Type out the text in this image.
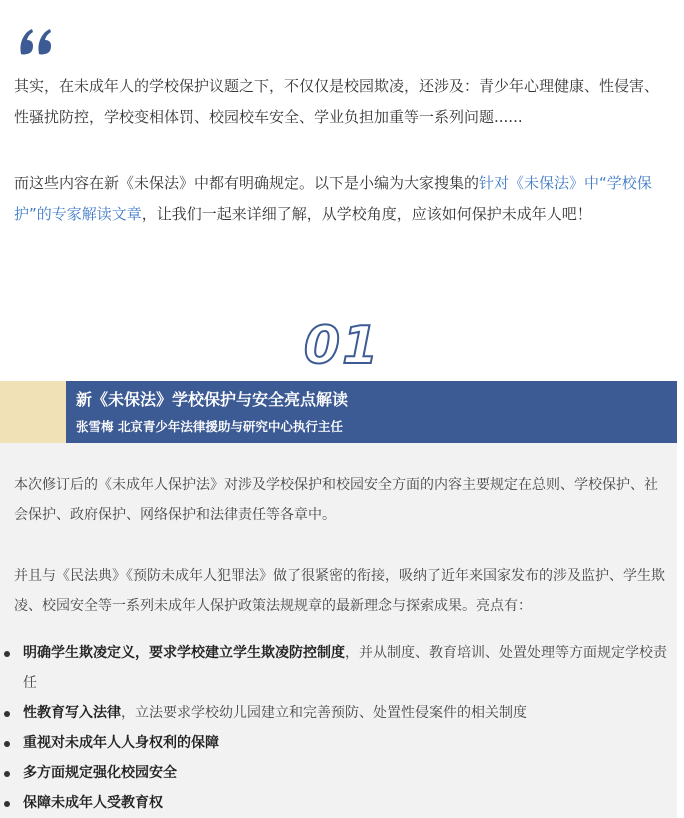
其实，在未成年人的学校保护议题之下，不仅仅是校园欺凌，还涉及：青少年心理健康、性侵害、性骚扰防控，学校变相体罚、校园校车安全、学业负担加重等一系列问题......

而这些内容在新《未保法》中都有明确规定。以下是小编为大家搜集的针对《未保法》中“学校保护”的专家解读文章，让我们一起来详细了解，从学校角度，应该如何保护未成年人吧！

01
新《未保法》学校保护与安全亮点解读
张雪梅 北京青少年法律援助与研究中心执行主任

本次修订后的《未成年人保护法》对涉及学校保护和校园安全方面的内容主要规定在总则、学校保护、社会保护、政府保护、网络保护和法律责任等各章中。

并且与《民法典》《预防未成年人犯罪法》做了很紧密的衔接，吸纳了近年来国家发布的涉及监护、学生欺凌、校园安全等一系列未成年人保护政策法规规章的最新理念与探索成果。亮点有：

明确学生欺凌定义，要求学校建立学生欺凌防控制度，并从制度、教育培训、处置处理等方面规定学校责任
性教育写入法律，立法要求学校幼儿园建立和完善预防、处置性侵案件的相关制度
重视对未成年人人身权利的保障
多方面规定强化校园安全
保障未成年人受教育权
